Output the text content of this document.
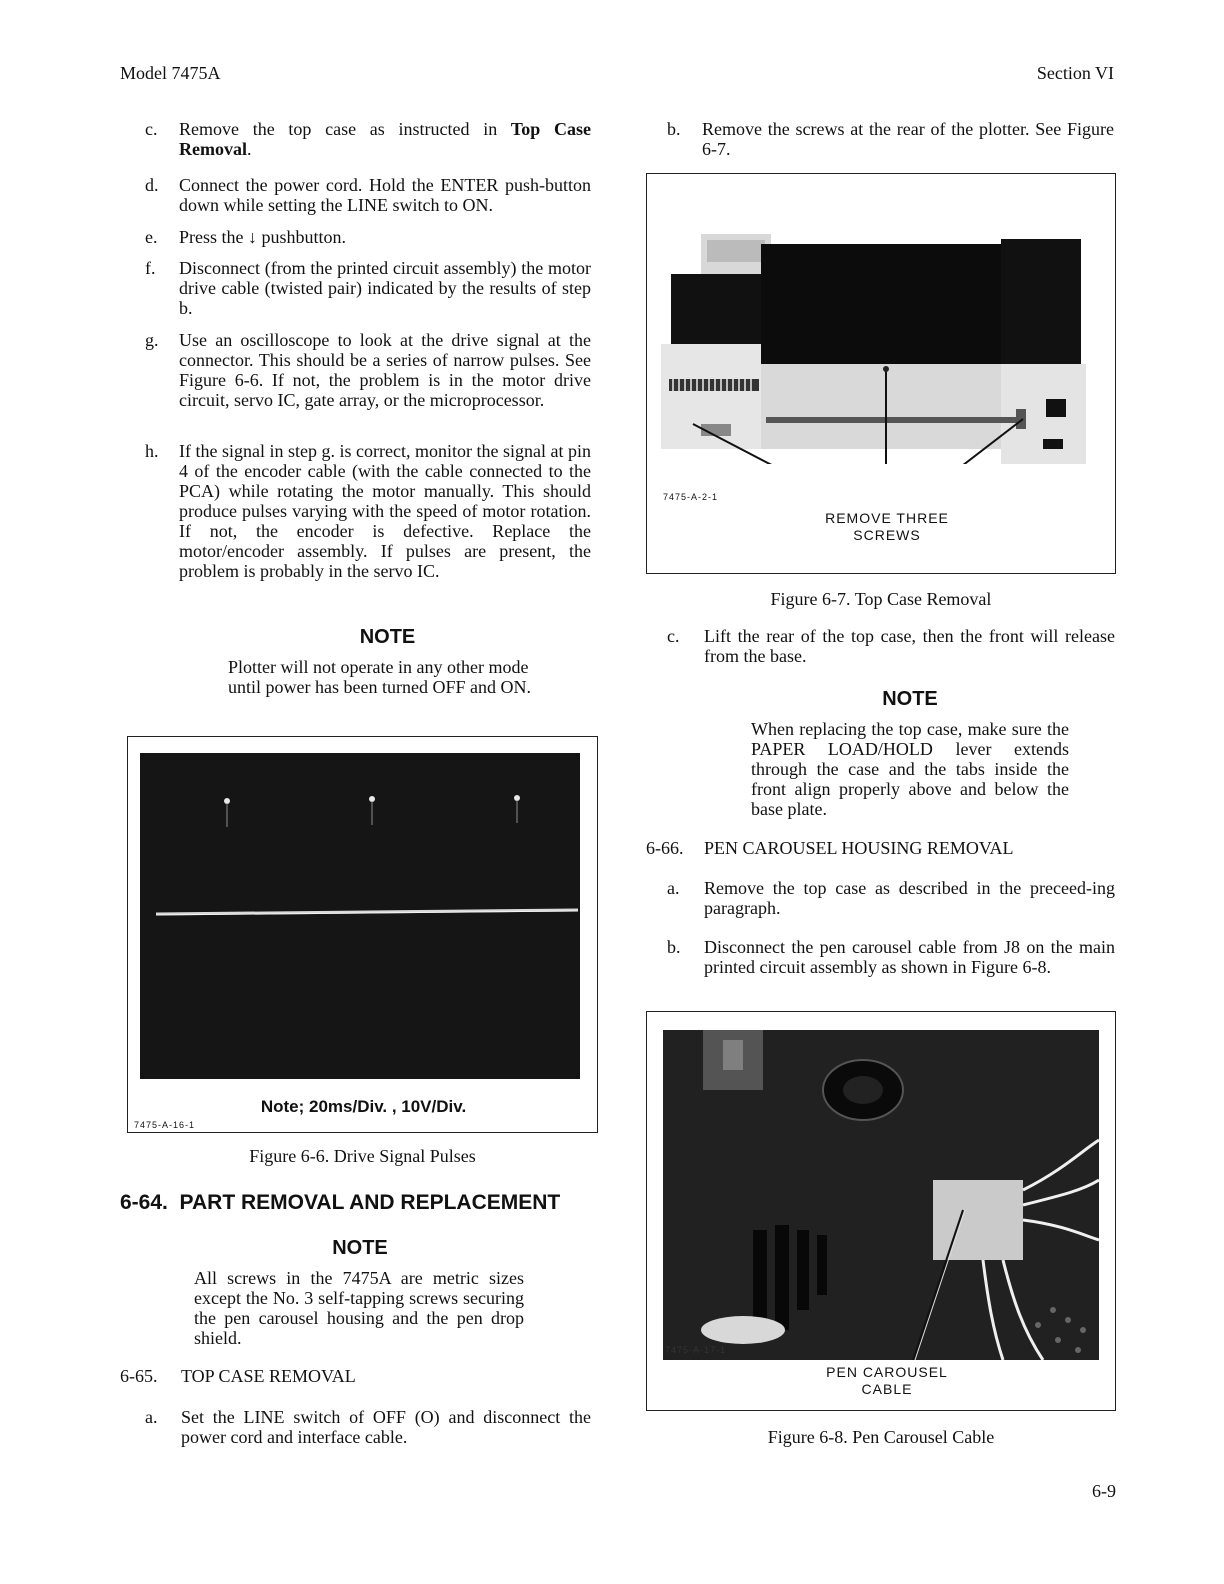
Model 7475A	Section VI
c.	Remove the top case as instructed in Top Case Removal.
d.	Connect the power cord. Hold the ENTER push-button down while setting the LINE switch to ON.
e.	Press the ↓ pushbutton.
f.	Disconnect (from the printed circuit assembly) the motor drive cable (twisted pair) indicated by the results of step b.
g.	Use an oscilloscope to look at the drive signal at the connector. This should be a series of narrow pulses. See Figure 6-6. If not, the problem is in the motor drive circuit, servo IC, gate array, or the microprocessor.
h.	If the signal in step g. is correct, monitor the signal at pin 4 of the encoder cable (with the cable connected to the PCA) while rotating the motor manually. This should produce pulses varying with the speed of motor rotation. If not, the encoder is defective. Replace the motor/encoder assembly. If pulses are present, the problem is probably in the servo IC.
NOTE
Plotter will not operate in any other mode until power has been turned OFF and ON.
Note; 20ms/Div. , 10V/Div.
7475-A-16-1
Figure 6-6. Drive Signal Pulses
6-64.  PART REMOVAL AND REPLACEMENT
NOTE
All screws in the 7475A are metric sizes except the No. 3 self-tapping screws securing the pen carousel housing and the pen drop shield.
6-65. TOP CASE REMOVAL
a.	Set the LINE switch of OFF (O) and disconnect the power cord and interface cable.
b.	Remove the screws at the rear of the plotter. See Figure 6-7.
7475-A-2-1
REMOVE THREE
SCREWS
Figure 6-7. Top Case Removal
c.	Lift the rear of the top case, then the front will release from the base.
NOTE
When replacing the top case, make sure the PAPER LOAD/HOLD lever extends through the case and the tabs inside the front align properly above and below the base plate.
6-66. PEN CAROUSEL HOUSING REMOVAL
a.	Remove the top case as described in the preceed-ing paragraph.
b.	Disconnect the pen carousel cable from J8 on the main printed circuit assembly as shown in Figure 6-8.
7475-A-17-1
PEN CAROUSEL
CABLE
Figure 6-8. Pen Carousel Cable
6-9
